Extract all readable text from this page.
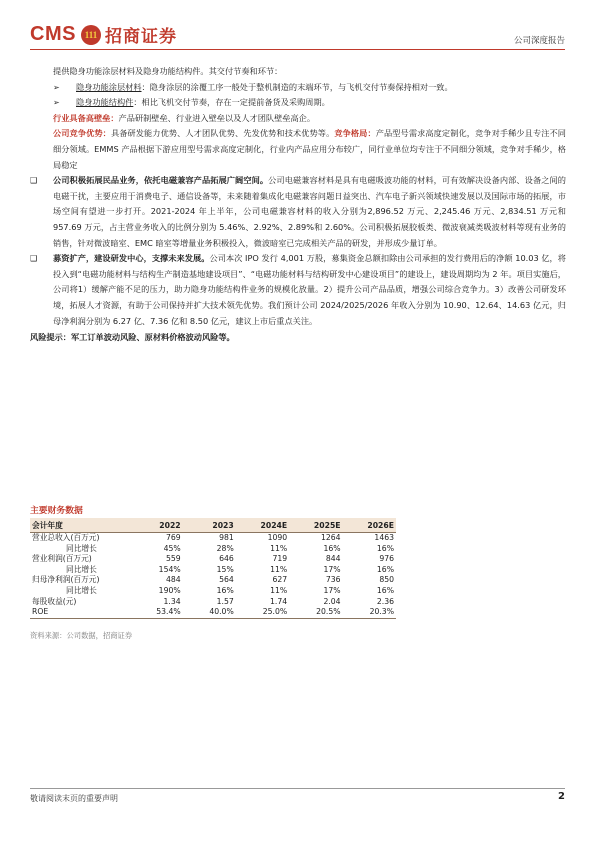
CMS 111 招商证券	公司深度报告

提供隐身功能涂层材料及隐身功能结构件。其交付节奏和环节：

➢	隐身功能涂层材料：隐身涂层的涂覆工序一般处于整机制造的末端环节，与飞机交付节奏保持相对一致。
➢	隐身功能结构件：相比飞机交付节奏，存在一定提前备货及采购周期。

行业具备高壁垒：产品研制壁垒、行业进入壁垒以及人才团队壁垒高企。

公司竞争优势：具备研发能力优势、人才团队优势、先发优势和技术优势等。竞争格局：产品型号需求高度定制化，竞争对手稀少且专注不同细分领域。EMMS 产品根据下游应用型号需求高度定制化，行业内产品应用分布较广，同行业单位均专注于不同细分领域，竞争对手稀少，格局稳定

❑	公司积极拓展民品业务，依托电磁兼容产品拓展广阔空间。公司电磁兼容材料是具有电磁吸波功能的材料，可有效解决设备内部、设备之间的电磁干扰，主要应用于消费电子、通信设备等，未来随着集成化电磁兼容问题日益突出、汽车电子新兴领域快速发展以及国际市场的拓展，市场空间有望进一步打开。2021-2024 年上半年，公司电磁兼容材料的收入分别为2,896.52 万元、2,245.46 万元、2,834.51 万元和 957.69 万元，占主营业务收入的比例分别为 5.46%、2.92%、2.89%和 2.60%。公司积极拓展胶板类、微波衰减类吸波材料等现有业务的销售，针对微波暗室、EMC 暗室等增量业务积极投入，微波暗室已完成相关产品的研发，并形成少量订单。
❑	募资扩产，建设研发中心，支撑未来发展。公司本次 IPO 发行 4,001 万股，募集资金总额扣除由公司承担的发行费用后的净额 10.03 亿，将投入到“电磁功能材料与结构生产制造基地建设项目”、“电磁功能材料与结构研发中心建设项目”的建设上，建设周期均为 2 年。项目实施后，公司将1）缓解产能不足的压力，助力隐身功能结构件业务的规模化放量。2）提升公司产品品质，增强公司综合竞争力。3）改善公司研发环境，拓展人才资源，有助于公司保持并扩大技术领先优势。我们预计公司 2024/2025/2026 年收入分别为 10.90、12.64、14.63 亿元，归母净利润分别为 6.27 亿、7.36 亿和 8.50 亿元，建议上市后重点关注。

风险提示：军工订单波动风险、原材料价格波动风险等。

主要财务数据
会计年度	2022	2023	2024E	2025E	2026E
营业总收入(百万元)	769	981	1090	1264	1463
同比增长	45%	28%	11%	16%	16%
营业利润(百万元)	559	646	719	844	976
同比增长	154%	15%	11%	17%	16%
归母净利润(百万元)	484	564	627	736	850
同比增长	190%	16%	11%	17%	16%
每股收益(元)	1.34	1.57	1.74	2.04	2.36
ROE	53.4%	40.0%	25.0%	20.5%	20.3%
资料来源：公司数据，招商证券
敬请阅读末页的重要声明	2
